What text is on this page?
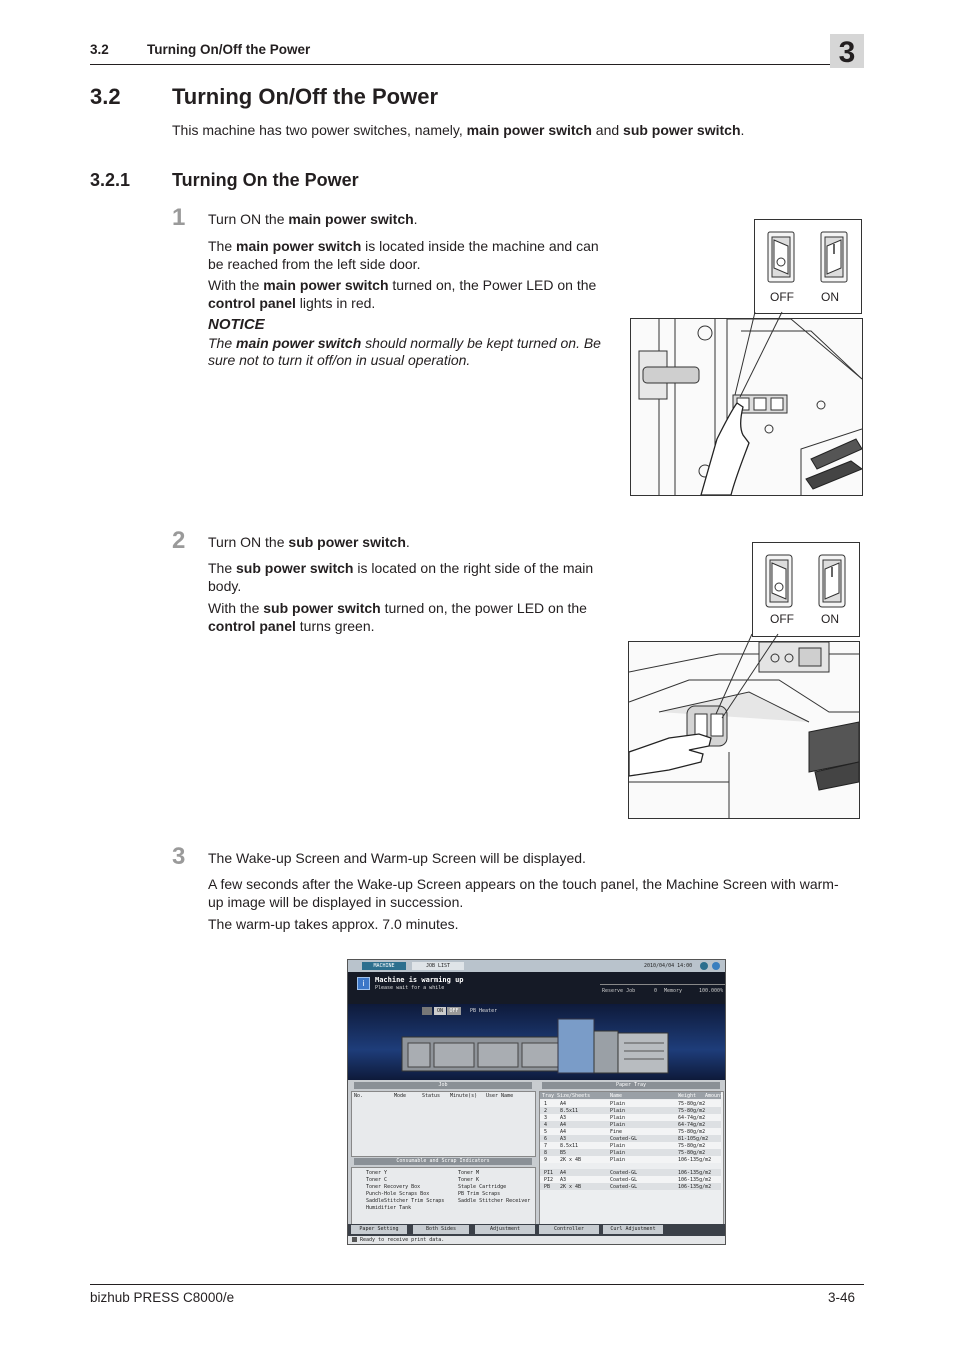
3.2	Turning On/Off the Power	3
3.2 Turning On/Off the Power
This machine has two power switches, namely, main power switch and sub power switch.
3.2.1 Turning On the Power
1 Turn ON the main power switch.
The main power switch is located inside the machine and can
be reached from the left side door.
With the main power switch turned on, the Power LED on the
control panel lights in red.
NOTICE
The main power switch should normally be kept turned on. Be
sure not to turn it off/on in usual operation.
OFF ON
2 Turn ON the sub power switch.
The sub power switch is located on the right side of the main
body.
With the sub power switch turned on, the power LED on the
control panel turns green.	OFF ON
3 The Wake-up Screen and Warm-up Screen will be displayed.
A few seconds after the Wake-up Screen appears on the touch panel, the Machine Screen with warm-
up image will be displayed in succession.
The warm-up takes approx. 7.0 minutes.
MACHINE	JOB LIST	2010/04/04 14:00
i	Machine is warming up
Please wait for a while	Reserve Job	0 Memory	100.000%
ON	OFF	PB Heater
Job
No.	Mode	Status Minute(s) User Name
Consumable and Scrap Indicators
Toner Y	Toner M
Toner C	Toner K
Toner Recovery Box	Staple Cartridge
Punch-Hole Scraps Box	PB Trim Scraps
SaddleStitcher Trim Scraps	Saddle Stitcher Receiver
Humidifier Tank
Paper Tray
Tray Size/Sheets	Name	Weight Amount
Paper Setting	Both Sides	Adjustment	Controller	Curl Adjustment
Ready to receive print data.
1	A4	Plain	75-80g/m2
2	8.5x11	Plain	75-80g/m2
3	A3	Plain	64-74g/m2
4	A4	Plain	64-74g/m2
5	A4	Fine	75-80g/m2
6	A3	Coated-GL	81-105g/m2
7	8.5x11	Plain	75-80g/m2
8	B5	Plain	75-80g/m2
9	2K x 4B	Plain	106-135g/m2
PI1 A4	Coated-GL	106-135g/m2
PI2 A3	Coated-GL	106-135g/m2
PB 2K x 4B	Coated-GL	106-135g/m2
bizhub PRESS C8000/e	3-46
